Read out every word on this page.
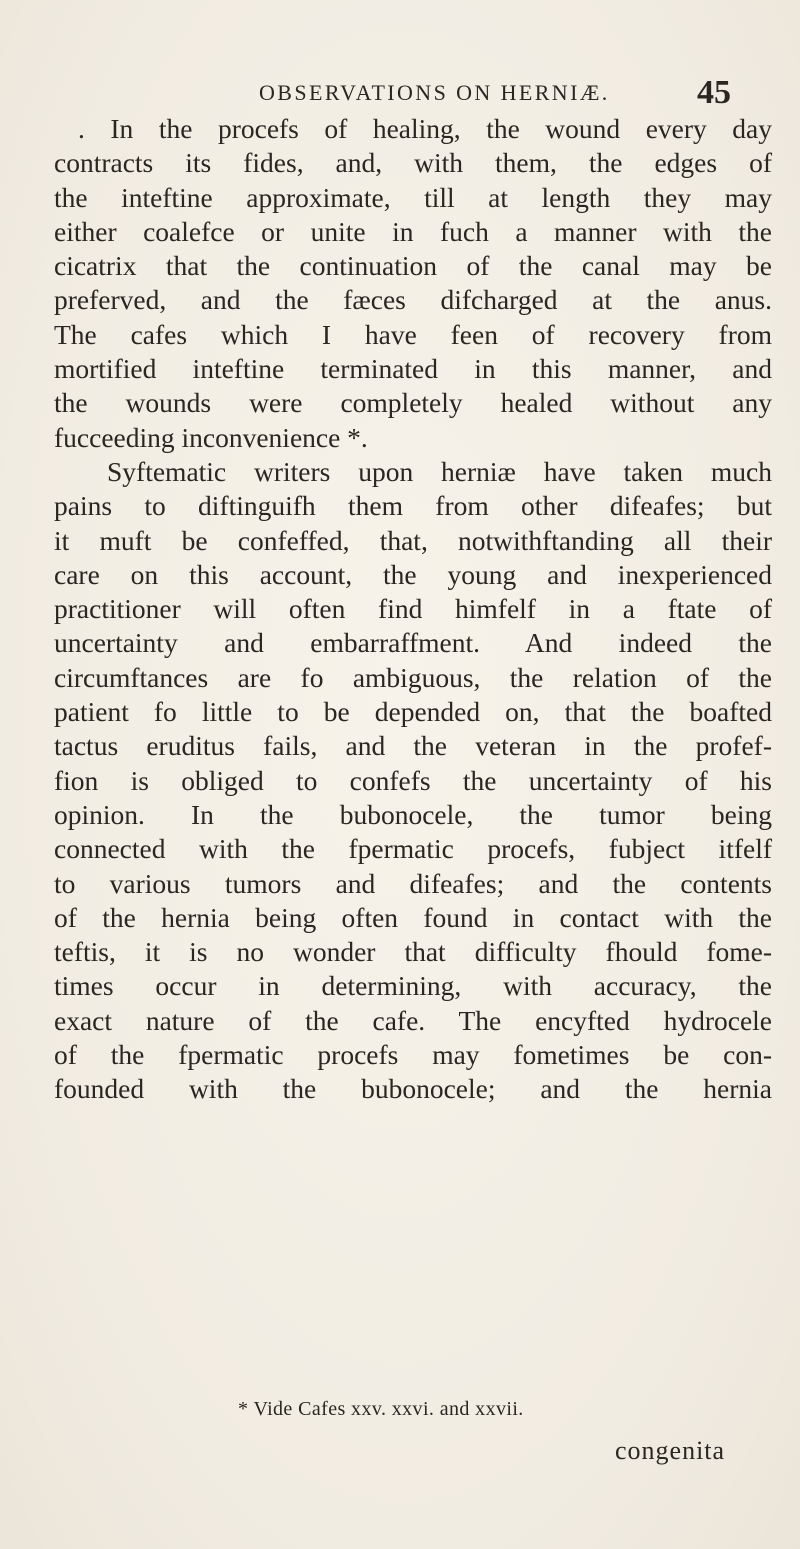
OBSERVATIONS ON HERNIÆ.	45
. In the procefs of healing, the wound every day
contracts its fides, and, with them, the edges of
the inteftine approximate, till at length they may
either coalefce or unite in fuch a manner with the
cicatrix that the continuation of the canal may be
preferved, and the fæces difcharged at the anus.
The cafes which I have feen of recovery from
mortified inteftine terminated in this manner, and
the wounds were completely healed without any
fucceeding inconvenience *.
Syftematic writers upon herniæ have taken much
pains to diftinguifh them from other difeafes; but
it muft be confeffed, that, notwithftanding all their
care on this account, the young and inexperienced
practitioner will often find himfelf in a ftate of
uncertainty and embarraffment. And indeed the
circumftances are fo ambiguous, the relation of the
patient fo little to be depended on, that the boafted
tactus eruditus fails, and the veteran in the profef-
fion is obliged to confefs the uncertainty of his
opinion. In the bubonocele, the tumor being
connected with the fpermatic procefs, fubject itfelf
to various tumors and difeafes; and the contents
of the hernia being often found in contact with the
teftis, it is no wonder that difficulty fhould fome-
times occur in determining, with accuracy, the
exact nature of the cafe. The encyfted hydrocele
of the fpermatic procefs may fometimes be con-
founded with the bubonocele; and the hernia
* Vide Cafes xxv. xxvi. and xxvii.
congenita
